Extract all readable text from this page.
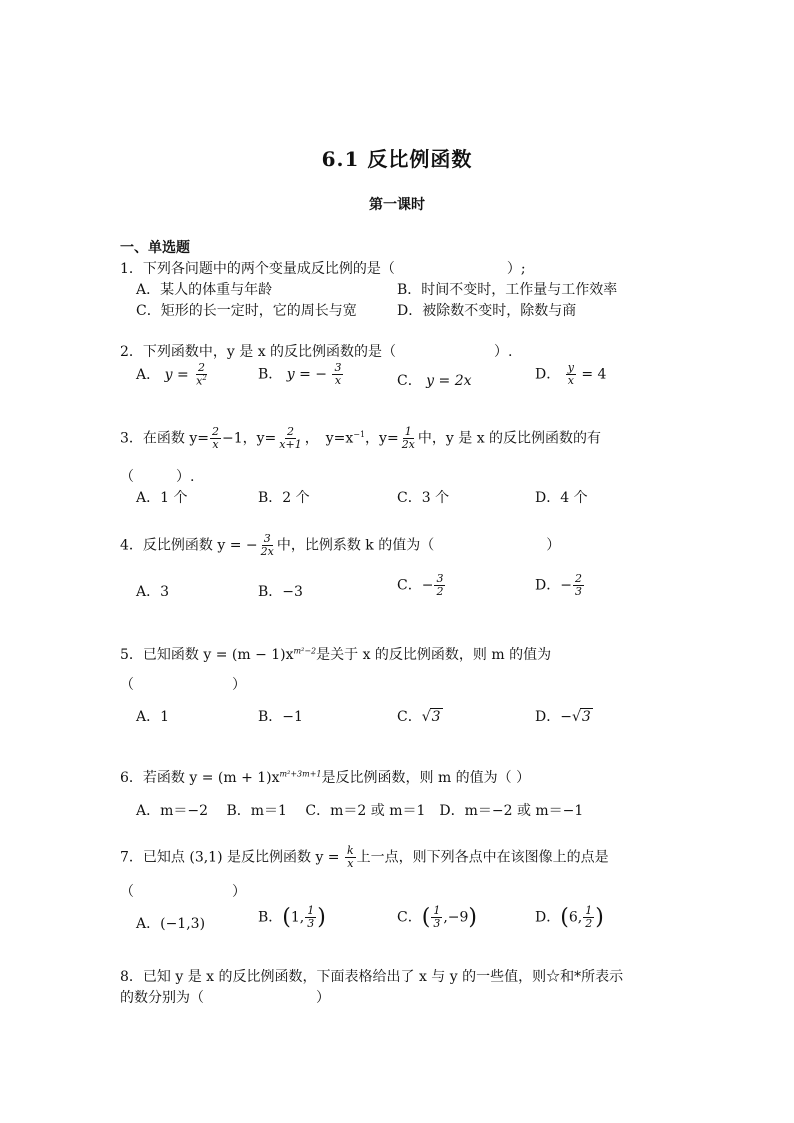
6.1 反比例函数
第一课时
一、单选题
1．下列各问题中的两个变量成反比例的是（　　　　　　　　）;
A．某人的体重与年龄	B．时间不变时，工作量与工作效率
C．矩形的长一定时，它的周长与宽	D．被除数不变时，除数与商
2．下列函数中，y 是 x 的反比例函数的是（　　　　　　　）.
A． $y = \frac{2}{x^2}$	B． y = − $\frac{3}{x}$	C． y = 2x	D． $\frac{y}{x} = 4$
3．在函数 $y= \frac{2}{x} -1$，$y= \frac{2}{x+1}$ ，　$y=x^{-1}$，$y= \frac{1}{2x}$ 中，y 是 x 的反比例函数的有
（　　　）.
A．1 个	B．2 个	C．3 个	D．4 个
4．反比例函数 y = − $\frac{3}{2x}$ 中，比例系数 k 的值为（　　　　　　　　）
A．3	B．−3	C．− $\frac{3}{2}$	D．− $\frac{2}{3}$
5．已知函数 $y = (m - 1)x^{m^2-2}$是关于 x 的反比例函数，则 m 的值为
（　　　　　　　）
A．1	B．−1	C．√3	D．−√3
6．若函数 $y = (m + 1)x^{m^2+3m+1}$是反比例函数，则 m 的值为（ ）
A．m＝−2　 B．m＝1　 C．m＝2 或 m＝1　D．m＝−2 或 m＝−1
7．已知点 (3,1) 是反比例函数 $y = \frac{k}{x}$ 上一点，则下列各点中在该图像上的点是
（　　　　　　　）
A．(−1,3)	B．(1, $\frac{1}{3}$ )	C．( $\frac{1}{3} ,-9$)	D．(6, $\frac{1}{2}$ )
8．已知 y 是 x 的反比例函数，下面表格给出了 x 与 y 的一些值，则☆和*所表示
的数分别为（　　　　　　　　）
